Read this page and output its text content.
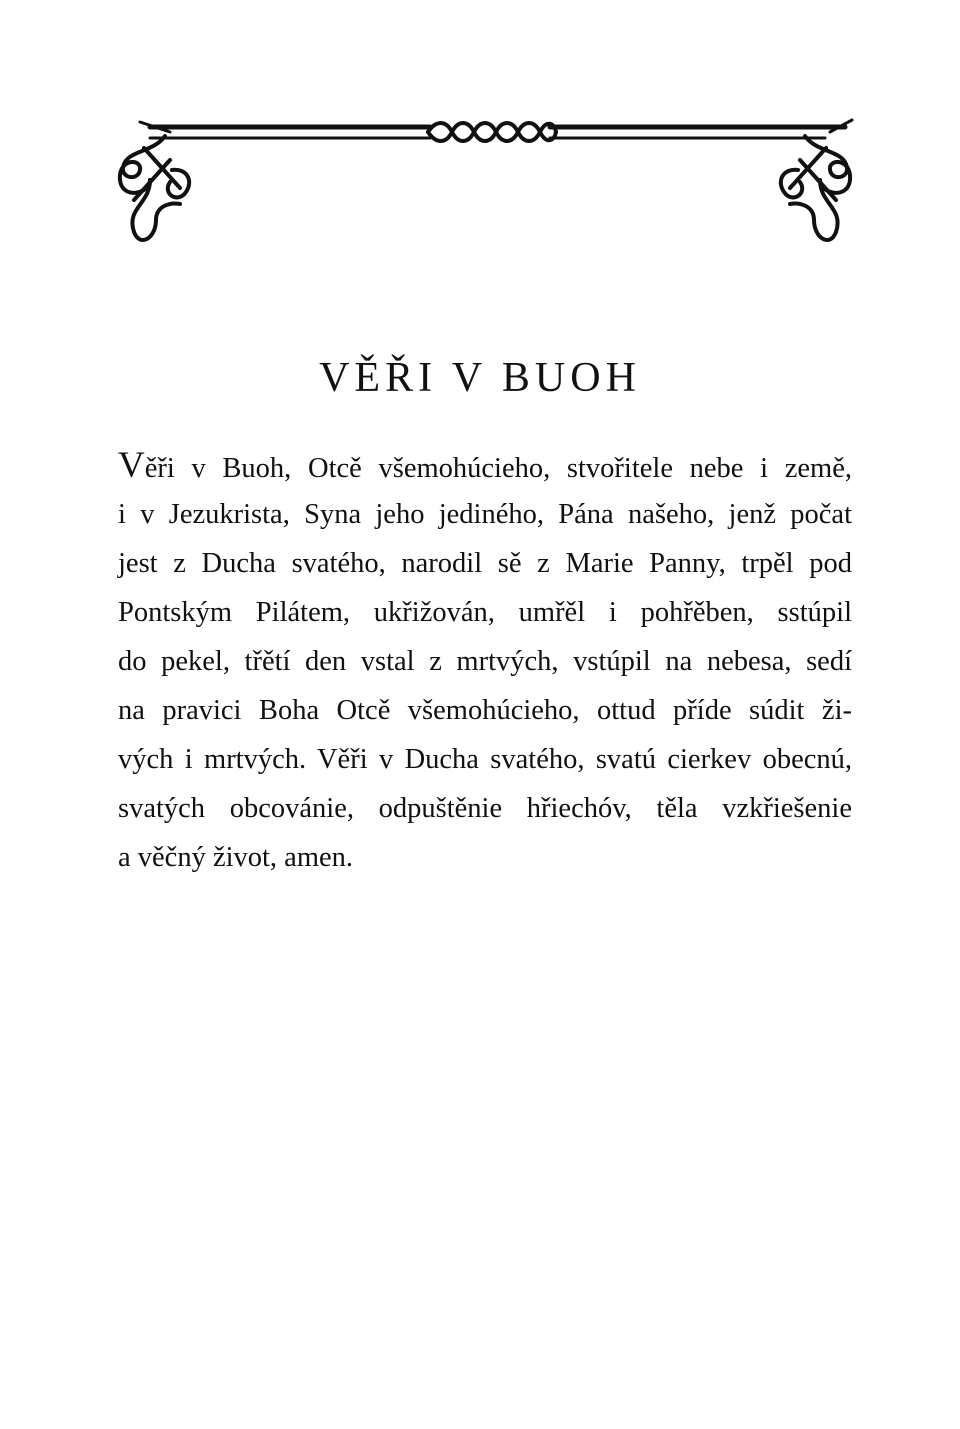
VĚŘI V BUOH
Věři v Buoh, Otcě všemohúcieho, stvořitele nebe i země,
i v Jezukrista, Syna jeho jediného, Pána našeho, jenž počat
jest z Ducha svatého, narodil sě z Marie Panny, trpěl pod
Pontským Pilátem, ukřižován, umřěl i pohřěben, sstúpil
do pekel, třětí den vstal z mrtvých, vstúpil na nebesa, sedí
na pravici Boha Otcě všemohúcieho, ottud příde súdit ži-
vých i mrtvých. Věři v Ducha svatého, svatú cierkev obecnú,
svatých obcovánie, odpuštěnie hřiechóv, těla vzkřiešenie
a věčný život, amen.
